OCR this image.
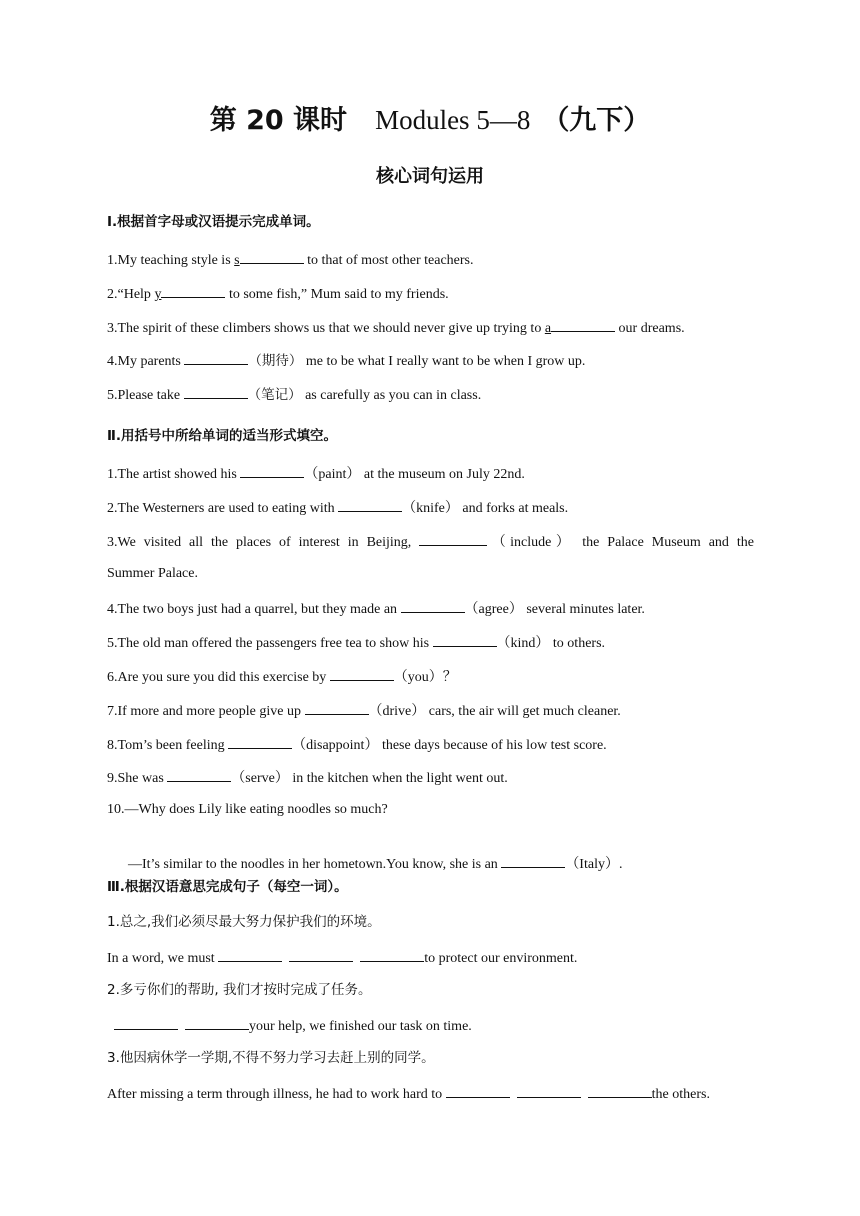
第 20 课时 Modules 5—8 （九下）
核心词句运用
Ⅰ.根据首字母或汉语提示完成单词。
1.My teaching style is s	to that of most other teachers.
2.“Help y	to some fish,” Mum said to my friends.
3.The spirit of these climbers shows us that we should never give up trying to a	our dreams.
4.My parents	（期待） me to be what I really want to be when I grow up.
5.Please take	（笔记） as carefully as you can in class.
Ⅱ.用括号中所给单词的适当形式填空。
1.The artist showed his	（paint） at the museum on July 22nd.
2.The Westerners are used to eating with	（knife） and forks at meals.
3.We visited all the places of interest in Beijing,	（include） the Palace Museum and the
Summer Palace.
4.The two boys just had a quarrel, but they made an	（agree） several minutes later.
5.The old man offered the passengers free tea to show his	（kind） to others.
6.Are you sure you did this exercise by	（you）？
7.If more and more people give up	（drive） cars, the air will get much cleaner.
8.Tom’s been feeling	（disappoint） these days because of his low test score.
9.She was	（serve） in the kitchen when the light went out.
10.—Why does Lily like eating noodles so much?

—It’s similar to the noodles in her hometown.You know, she is an	（Italy）.

Ⅲ.根据汉语意思完成句子（每空一词）。
1.总之,我们必须尽最大努力保护我们的环境。
In a word, we must	to protect our environment.
2.多亏你们的帮助, 我们才按时完成了任务。
your help, we finished our task on time.
3.他因病休学一学期,不得不努力学习去赶上别的同学。
After missing a term through illness, he had to work hard to	the others.
